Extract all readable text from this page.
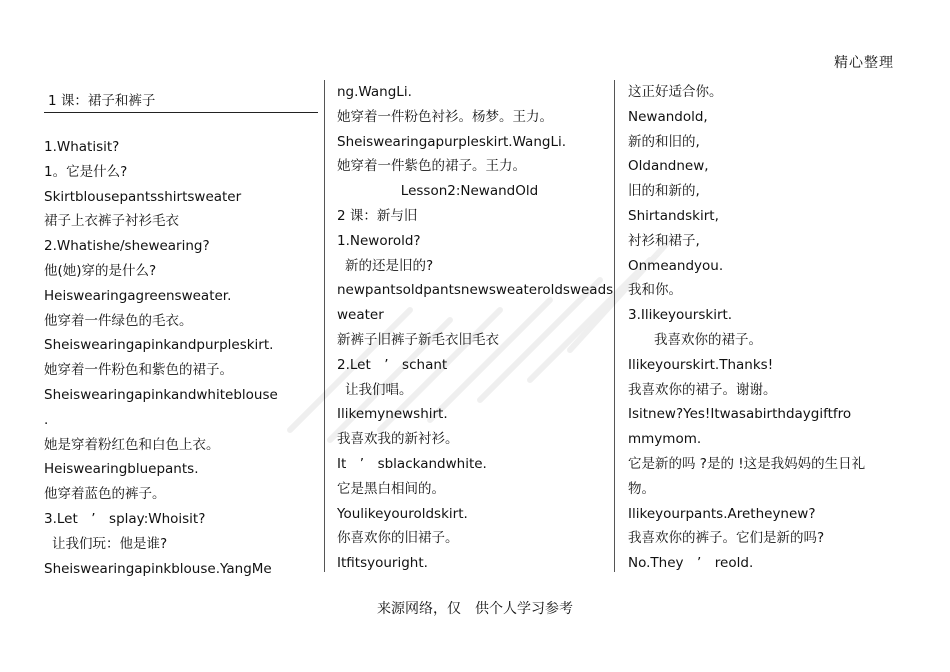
精心整理
1 课：裙子和裤子
1.Whatisit?
1。它是什么?
Skirtblousepantsshirtsweater
裙子上衣裤子衬衫毛衣
2.Whatishe/shewearing?
他(她)穿的是什么?
Heiswearingagreensweater.
他穿着一件绿色的毛衣。
Sheiswearingapinkandpurpleskirt.
她穿着一件粉色和紫色的裙子。
Sheiswearingapinkandwhiteblouse
.
她是穿着粉红色和白色上衣。
Heiswearingbluepants.
他穿着蓝色的裤子。
3.Let　’　splay:Whoisit?
让我们玩：他是谁?
Sheiswearingapinkblouse.YangMe
ng.WangLi.
她穿着一件粉色衬衫。杨梦。王力。
Sheiswearingapurpleskirt.WangLi.
她穿着一件紫色的裙子。王力。
Lesson2:NewandOld
2 课：新与旧
1.Neworold?
新的还是旧的?
newpantsoldpantsnewsweateroldsweads
weater
新裤子旧裤子新毛衣旧毛衣
2.Let　’　schant
让我们唱。
Ilikemynewshirt.
我喜欢我的新衬衫。
It　’　sblackandwhite.
它是黑白相间的。
Youlikeyouroldskirt.
你喜欢你的旧裙子。
Itfitsyouright.
这正好适合你。
Newandold,
新的和旧的,
Oldandnew,
旧的和新的,
Shirtandskirt,
衬衫和裙子,
Onmeandyou.
我和你。
3.Ilikeyourskirt.
我喜欢你的裙子。
Ilikeyourskirt.Thanks!
我喜欢你的裙子。谢谢。
Isitnew?Yes!Itwasabirthdaygiftfro
mmymom.
它是新的吗 ?是的 !这是我妈妈的生日礼
物。
Ilikeyourpants.Aretheynew?
我喜欢你的裤子。它们是新的吗?
No.They　’　reold.
来源网络，仅　供个人学习参考
